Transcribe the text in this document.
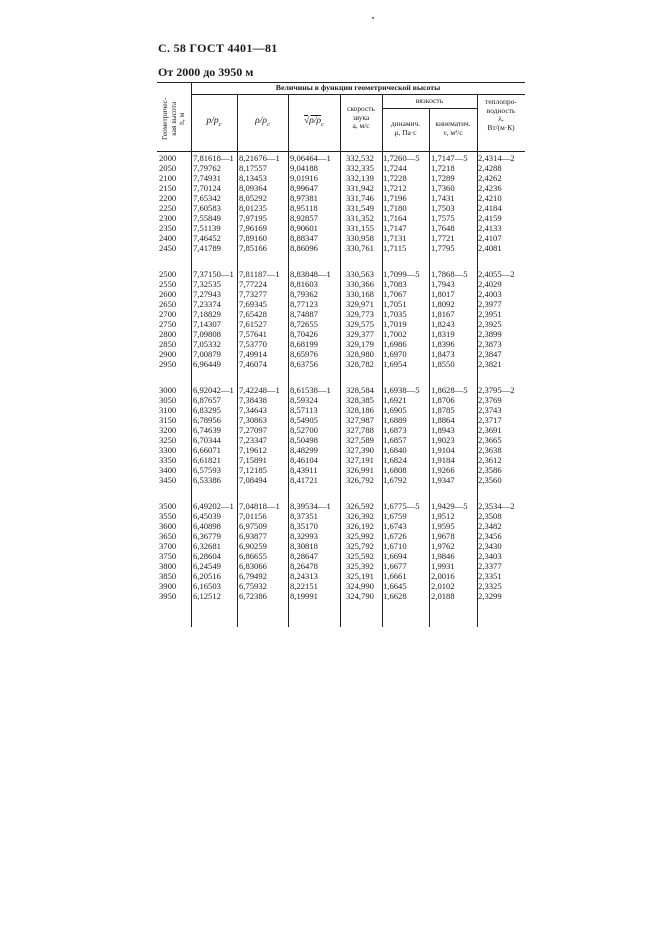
С. 58 ГОСТ 4401—81
От 2000 до 3950 м
Геометричес- кая высота h, м
Величины в функции геометрической высоты
$p/p_с$	$\rho/\rho_с$	$√\rho/\rho_с$
скорость
звука
a, м/с
вязкость
динамич.
μ, Па·с
кинематич.
ν, м²/с
теплопро-
водность
λ,
Вт/(м·К)
2000
2050
2100
2150
2200
2250
2300
2350
2400
2450
2500
2550
2600
2650
2700
2750
2800
2850
2900
2950
3000
3050
3100
3150
3200
3250
3300
3350
3400
3450
3500
3550
3600
3650
3700
3750
3800
3850
3900
3950
7,81618—1
7,79762
7,74931
7,70124
7,65342
7,60583
7,55849
7,51139
7,46452
7,41789
7,37150—1
7,32535
7,27943
7,23374
7,18829
7,14307
7,09808
7,05332
7,00879
6,96449
6,92042—1
6,87657
6,83295
6,78956
6,74639
6,70344
6,66071
6,61821
6,57593
6,53386
6,49202—1
6,45039
6,40898
6,36779
6,32681
6,28604
6,24549
6,20516
6,16503
6,12512
8,21676—1
8,17557
8,13453
8,09364
8,05292
8,01235
7,97195
7,96169
7,89160
7,85166
7,81187—1
7,77224
7,73277
7,69345
7,65428
7,61527
7,57641
7,53770
7,49914
7,46074
7,42248—1
7,38438
7,34643
7,30863
7,27097
7,23347
7,19612
7,15891
7,12185
7,08494
7,04818—1
7,01156
6,97509
6,93877
6,90259
6,86655
6,83066
6,79492
6,75932
6,72386
9,06464—1
9,04188
9,01916
8,99647
8,97381
8,95118
8,92857
8,90601
8,88347
8,86096
8,83848—1
8,81603
8,79362
8,77123
8,74887
8,72655
8,70426
8,68199
8,65976
8,63756
8,61538—1
8,59324
8,57113
8,54905
8,52700
8,50498
8,48299
8,46104
8,43911
8,41721
8,39534—1
8,37351
8,35170
8,32993
8,30818
8,28647
8,26478
8,24313
8,22151
8,19991
332,532
332,335
332,139
331,942
331,746
331,549
331,352
331,155
330,958
330,761
330,563
330,366
330,168
329,971
329,773
329,575
329,377
329,179
328,980
328,782
328,584
328,385
328,186
327,987
327,788
327,589
327,390
327,191
326,991
326,792
326,592
326,392
326,192
325,992
325,792
325,592
325,392
325,191
324,990
324,790
1,7260—5
1,7244
1,7228
1,7212
1,7196
1,7180
1,7164
1,7147
1,7131
1,7115
1,7099—5
1,7083
1,7067
1,7051
1,7035
1,7019
1,7002
1,6986
1,6970
1,6954
1,6938—5
1,6921
1,6905
1,6889
1,6873
1,6857
1,6840
1,6824
1,6808
1,6792
1,6775—5
1,6759
1,6743
1,6726
1,6710
1,6694
1,6677
1,6661
1,6645
1,6628
1,7147—5
1,7218
1,7289
1,7360
1,7431
1,7503
1,7575
1,7648
1,7721
1,7795
1,7868—5
1,7943
1,8017
1,8092
1,8167
1,8243
1,8319
1,8396
1,8473
1,8550
1,8628—5
1,8706
1,8785
1,8864
1,8943
1,9023
1,9104
1,9184
1,9266
1,9347
1,9429—5
1,9512
1,9595
1,9678
1,9762
1,9846
1,9931
2,0016
2,0102
2,0188
2,4314—2
2,4288
2,4262
2,4236
2,4210
2,4184
2,4159
2,4133
2,4107
2,4081
2,4055—2
2,4029
2,4003
2,3977
2,3951
2,3925
2,3899
2,3873
2,3847
2,3821
2,3795—2
2,3769
2,3743
2,3717
2,3691
2,3665
2,3638
2,3612
2,3586
2,3560
2,3534—2
2,3508
2,3482
2,3456
2,3430
2,3403
2,3377
2,3351
2,3325
2,3299
